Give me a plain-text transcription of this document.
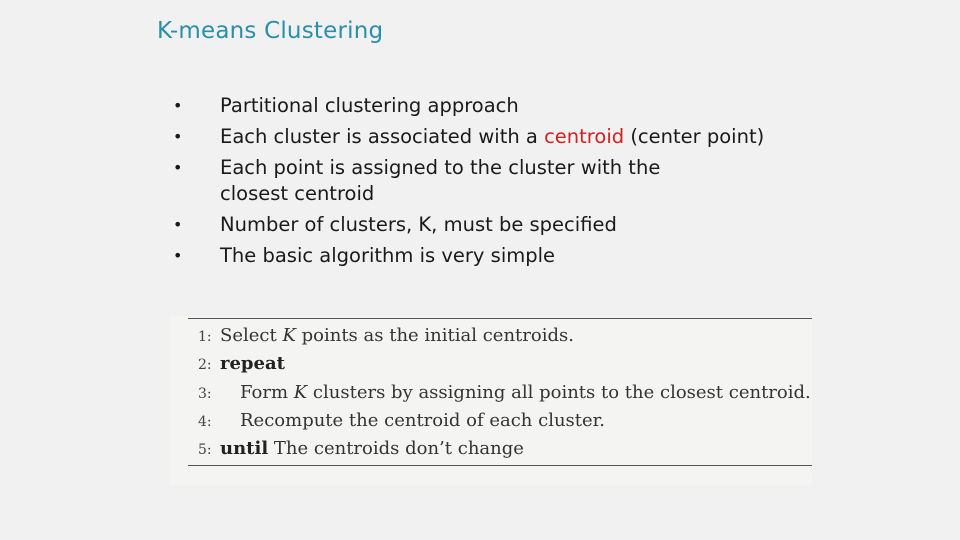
K-means Clustering
• Partitional clustering approach
• Each cluster is associated with a centroid (center point)
• Each point is assigned to the cluster with the closest centroid
• Number of clusters, K, must be specified
• The basic algorithm is very simple
1: Select K points as the initial centroids.
2: repeat
3: Form K clusters by assigning all points to the closest centroid.
4: Recompute the centroid of each cluster.
5: until The centroids don’t change
